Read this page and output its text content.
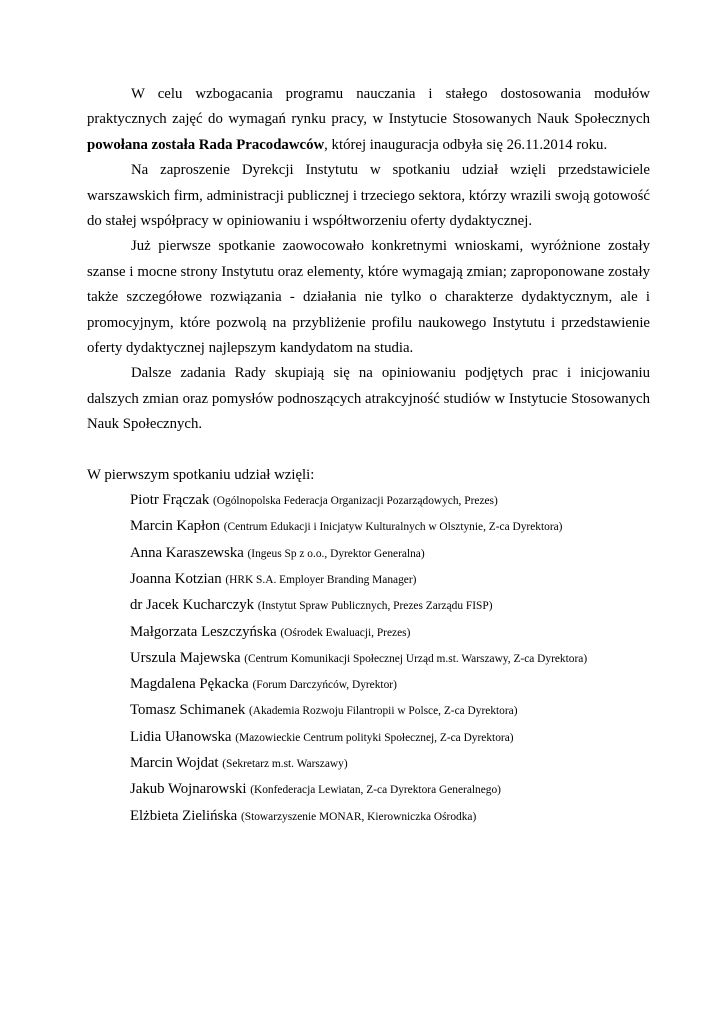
W celu wzbogacania programu nauczania i stałego dostosowania modułów praktycznych zajęć do wymagań rynku pracy, w Instytucie Stosowanych Nauk Społecznych powołana została Rada Pracodawców, której inauguracja odbyła się 26.11.2014 roku.

Na zaproszenie Dyrekcji Instytutu w spotkaniu udział wzięli przedstawiciele warszawskich firm, administracji publicznej i trzeciego sektora, którzy wrazili swoją gotowość do stałej współpracy w opiniowaniu i współtworzeniu oferty dydaktycznej.

Już pierwsze spotkanie zaowocowało konkretnymi wnioskami, wyróżnione zostały szanse i mocne strony Instytutu oraz elementy, które wymagają zmian; zaproponowane zostały także szczegółowe rozwiązania - działania nie tylko o charakterze dydaktycznym, ale i promocyjnym, które pozwolą na przybliżenie profilu naukowego Instytutu i przedstawienie oferty dydaktycznej najlepszym kandydatom na studia.

Dalsze zadania Rady skupiają się na opiniowaniu podjętych prac i inicjowaniu dalszych zmian oraz pomysłów podnoszących atrakcyjność studiów w Instytucie Stosowanych Nauk Społecznych.

W pierwszym spotkaniu udział wzięli:

Piotr Frączak (Ogólnopolska Federacja Organizacji Pozarządowych, Prezes)
Marcin Kapłon (Centrum Edukacji i Inicjatyw Kulturalnych w Olsztynie, Z-ca Dyrektora)
Anna Karaszewska (Ingeus Sp z o.o., Dyrektor Generalna)
Joanna Kotzian (HRK S.A. Employer Branding Manager)
dr Jacek Kucharczyk (Instytut Spraw Publicznych, Prezes Zarządu FISP)
Małgorzata Leszczyńska (Ośrodek Ewaluacji, Prezes)
Urszula Majewska (Centrum Komunikacji Społecznej Urząd m.st. Warszawy, Z-ca Dyrektora)
Magdalena Pękacka (Forum Darczyńców, Dyrektor)
Tomasz Schimanek (Akademia Rozwoju Filantropii w Polsce, Z-ca Dyrektora)
Lidia Ułanowska (Mazowieckie Centrum polityki Społecznej, Z-ca Dyrektora)
Marcin Wojdat (Sekretarz m.st. Warszawy)
Jakub Wojnarowski (Konfederacja Lewiatan, Z-ca Dyrektora Generalnego)
Elżbieta Zielińska (Stowarzyszenie MONAR, Kierowniczka Ośrodka)
